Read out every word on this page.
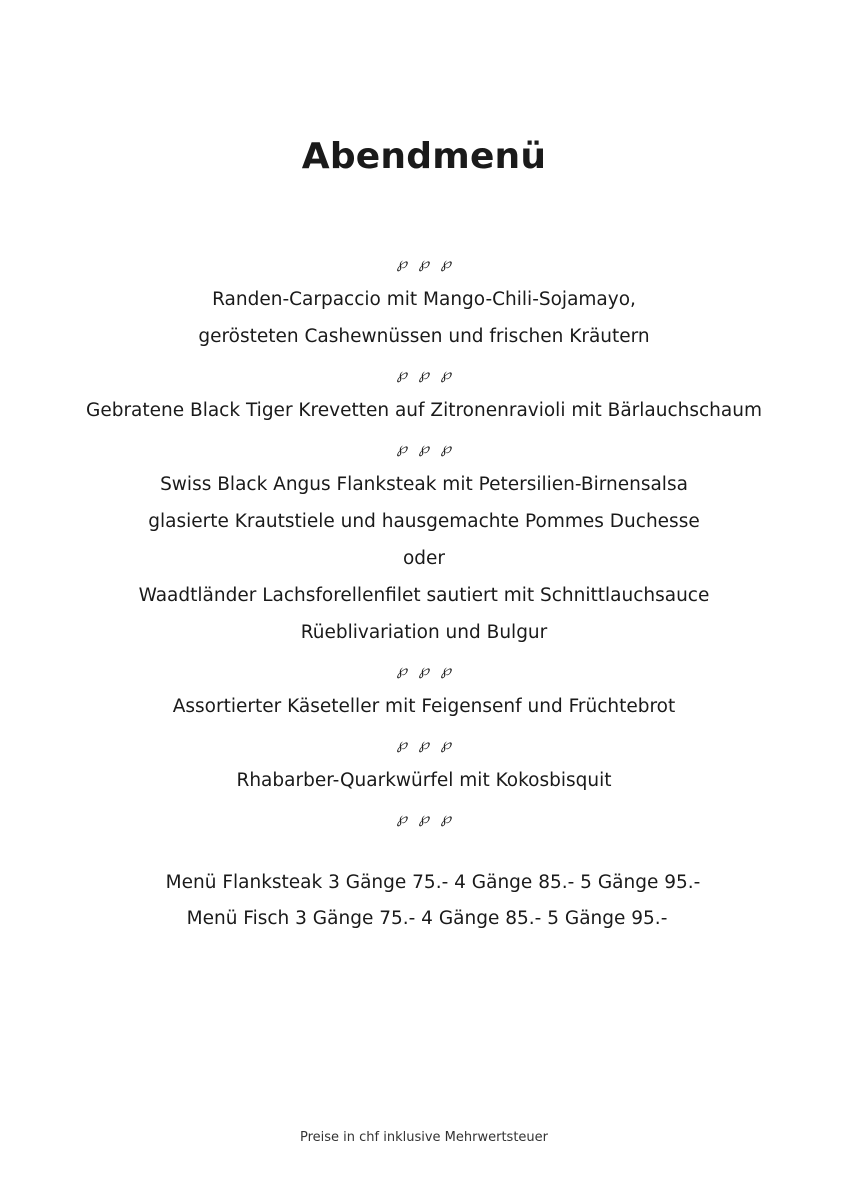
Abendmenü
℘ ℘ ℘
Randen-Carpaccio mit Mango-Chili-Sojamayo,
gerösteten Cashewnüssen und frischen Kräutern
℘ ℘ ℘
Gebratene Black Tiger Krevetten auf Zitronenravioli mit Bärlauchschaum
℘ ℘ ℘
Swiss Black Angus Flanksteak mit Petersilien-Birnensalsa
glasierte Krautstiele und hausgemachte Pommes Duchesse
oder
Waadtländer Lachsforellenfilet sautiert mit Schnittlauchsauce
Rüeblivariation und Bulgur
℘ ℘ ℘
Assortierter Käseteller mit Feigensenf und Früchtebrot
℘ ℘ ℘
Rhabarber-Quarkwürfel mit Kokosbisquit
℘ ℘ ℘
Menü Flanksteak 3 Gänge 75.- 4 Gänge 85.- 5 Gänge 95.-
Menü Fisch 3 Gänge 75.- 4 Gänge 85.- 5 Gänge 95.-
Preise in chf inklusive Mehrwertsteuer
